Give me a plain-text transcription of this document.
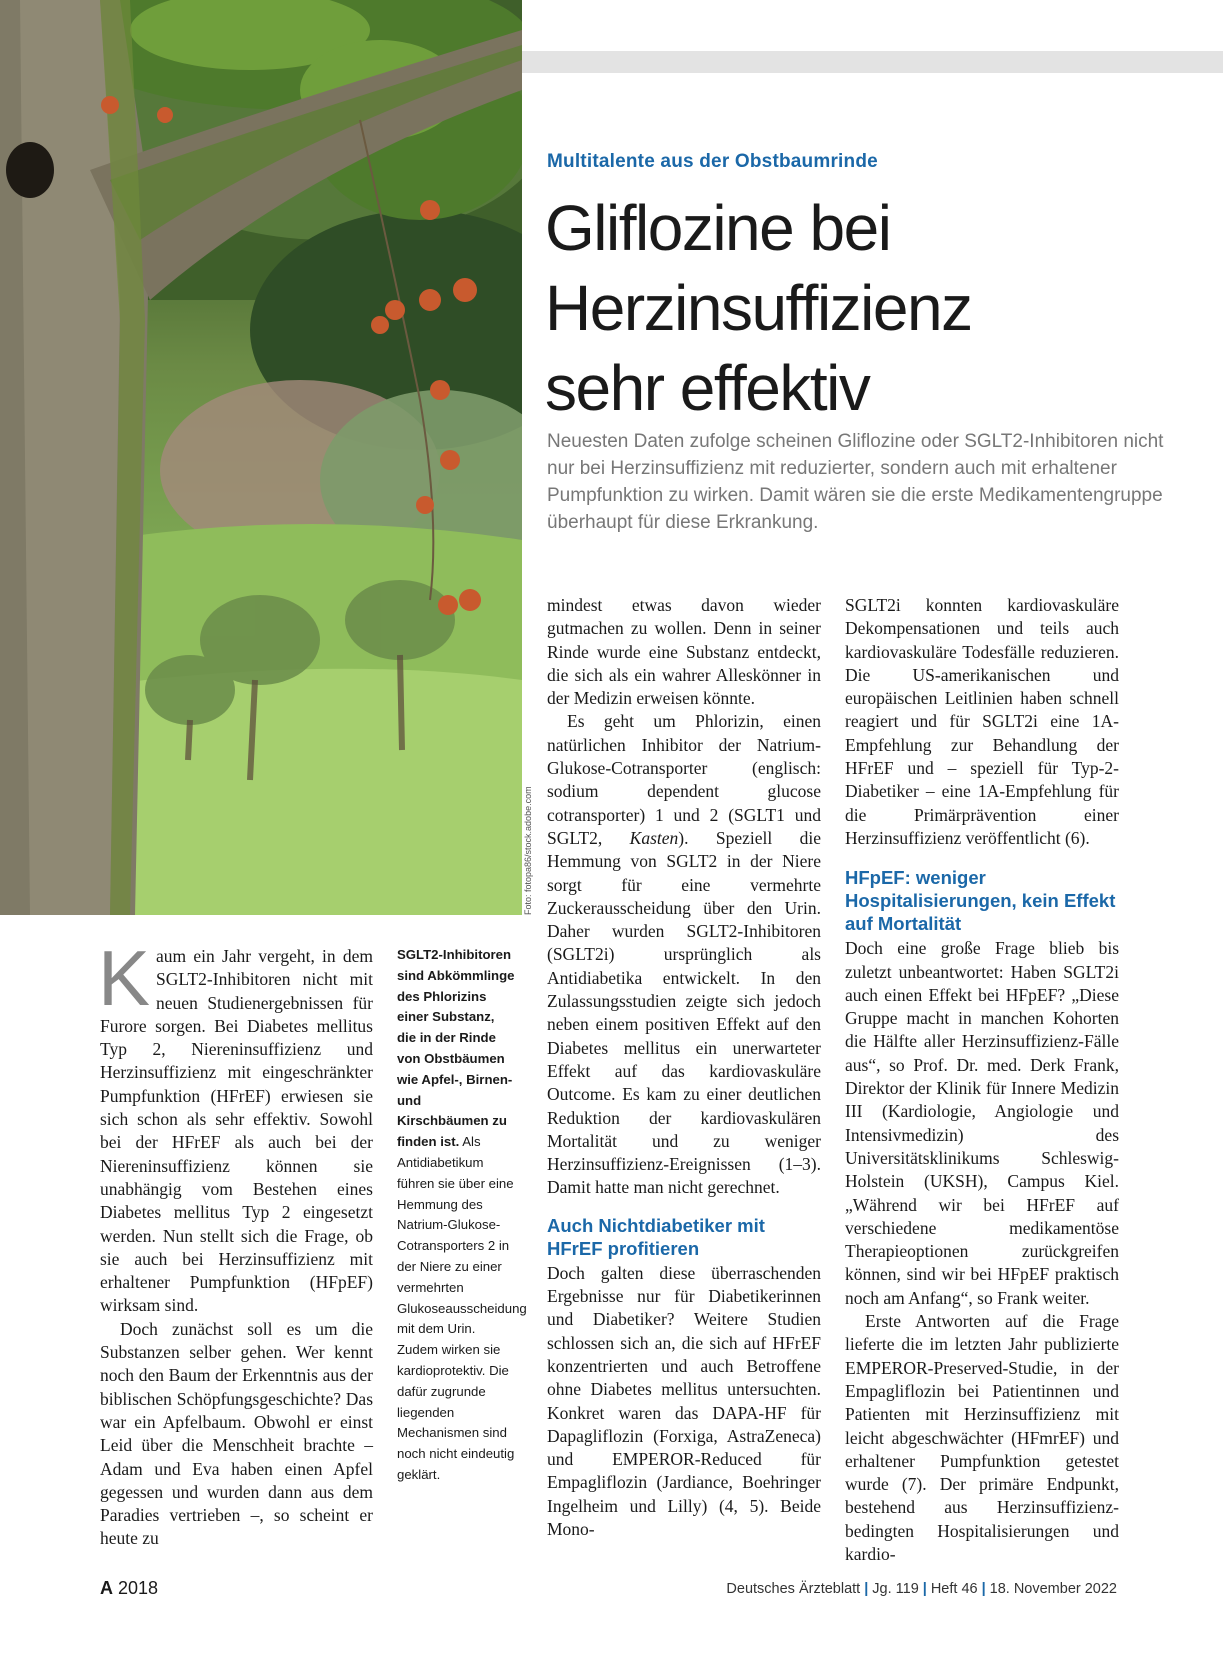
Foto: fotopa86/stock.adobe.com
Multitalente aus der Obstbaumrinde
Gliflozine bei
Herzinsuffizienz
sehr effektiv

Neuesten Daten zufolge scheinen Gliflozine oder SGLT2-Inhibitoren nicht nur bei Herzinsuffizienz mit reduzierter, sondern auch mit erhaltener Pumpfunktion zu wirken. Damit wären sie die erste Medikamentengruppe überhaupt für diese Erkrankung.

Kaum ein Jahr vergeht, in dem SGLT2-Inhibitoren nicht mit neuen Studienergebnissen für Furore sorgen. Bei Diabetes mellitus Typ 2, Niereninsuffizienz und Herzinsuffizienz mit eingeschränkter Pumpfunktion (HFrEF) erwiesen sie sich schon als sehr effektiv. Sowohl bei der HFrEF als auch bei der Niereninsuffizienz können sie unabhängig vom Bestehen eines Diabetes mellitus Typ 2 eingesetzt werden. Nun stellt sich die Frage, ob sie auch bei Herzinsuffizienz mit erhaltener Pumpfunktion (HFpEF) wirksam sind.

Doch zunächst soll es um die Substanzen selber gehen. Wer kennt noch den Baum der Erkenntnis aus der biblischen Schöpfungsgeschichte? Das war ein Apfelbaum. Obwohl er einst Leid über die Menschheit brachte – Adam und Eva haben einen Apfel gegessen und wurden dann aus dem Paradies vertrieben –, so scheint er heute zu

SGLT2-Inhibitoren sind Abkömmlinge des Phlorizins einer Substanz, die in der Rinde von Obstbäumen wie Apfel-, Birnen- und Kirschbäumen zu finden ist. Als Antidiabetikum führen sie über eine Hemmung des Natrium-Glukose-Cotransporters 2 in der Niere zu einer vermehrten Glukoseausscheidung mit dem Urin. Zudem wirken sie kardioprotektiv. Die dafür zugrunde liegenden Mechanismen sind noch nicht eindeutig geklärt.

mindest etwas davon wieder gutmachen zu wollen. Denn in seiner Rinde wurde eine Substanz entdeckt, die sich als ein wahrer Alleskönner in der Medizin erweisen könnte.

Es geht um Phlorizin, einen natürlichen Inhibitor der Natrium-Glukose-Cotransporter (englisch: sodium dependent glucose cotransporter) 1 und 2 (SGLT1 und SGLT2, Kasten). Speziell die Hemmung von SGLT2 in der Niere sorgt für eine vermehrte Zuckerausscheidung über den Urin. Daher wurden SGLT2-Inhibitoren (SGLT2i) ursprünglich als Antidiabetika entwickelt. In den Zulassungsstudien zeigte sich jedoch neben einem positiven Effekt auf den Diabetes mellitus ein unerwarteter Effekt auf das kardiovaskuläre Outcome. Es kam zu einer deutlichen Reduktion der kardiovaskulären Mortalität und zu weniger Herzinsuffizienz-Ereignissen (1–3). Damit hatte man nicht gerechnet.

Auch Nichtdiabetiker mit HFrEF profitieren

Doch galten diese überraschenden Ergebnisse nur für Diabetikerinnen und Diabetiker? Weitere Studien schlossen sich an, die sich auf HFrEF konzentrierten und auch Betroffene ohne Diabetes mellitus untersuchten. Konkret waren das DAPA-HF für Dapagliflozin (Forxiga, AstraZeneca) und EMPEROR-Reduced für Empagliflozin (Jardiance, Boehringer Ingelheim und Lilly) (4, 5). Beide Mono-

SGLT2i konnten kardiovaskuläre Dekompensationen und teils auch kardiovaskuläre Todesfälle reduzieren. Die US-amerikanischen und europäischen Leitlinien haben schnell reagiert und für SGLT2i eine 1A-Empfehlung zur Behandlung der HFrEF und – speziell für Typ-2-Diabetiker – eine 1A-Empfehlung für die Primärprävention einer Herzinsuffizienz veröffentlicht (6).

HFpEF: weniger Hospitalisierungen, kein Effekt auf Mortalität

Doch eine große Frage blieb bis zuletzt unbeantwortet: Haben SGLT2i auch einen Effekt bei HFpEF? „Diese Gruppe macht in manchen Kohorten die Hälfte aller Herzinsuffizienz-Fälle aus“, so Prof. Dr. med. Derk Frank, Direktor der Klinik für Innere Medizin III (Kardiologie, Angiologie und Intensivmedizin) des Universitätsklinikums Schleswig-Holstein (UKSH), Campus Kiel. „Während wir bei HFrEF auf verschiedene medikamentöse Therapieoptionen zurückgreifen können, sind wir bei HFpEF praktisch noch am Anfang“, so Frank weiter.

Erste Antworten auf die Frage lieferte die im letzten Jahr publizierte EMPEROR-Preserved-Studie, in der Empagliflozin bei Patientinnen und Patienten mit Herzinsuffizienz mit leicht abgeschwächter (HFmrEF) und erhaltener Pumpfunktion getestet wurde (7). Der primäre Endpunkt, bestehend aus Herzinsuffizienz-bedingten Hospitalisierungen und kardio-

A 2018	Deutsches Ärzteblatt | Jg. 119 | Heft 46 | 18. November 2022
